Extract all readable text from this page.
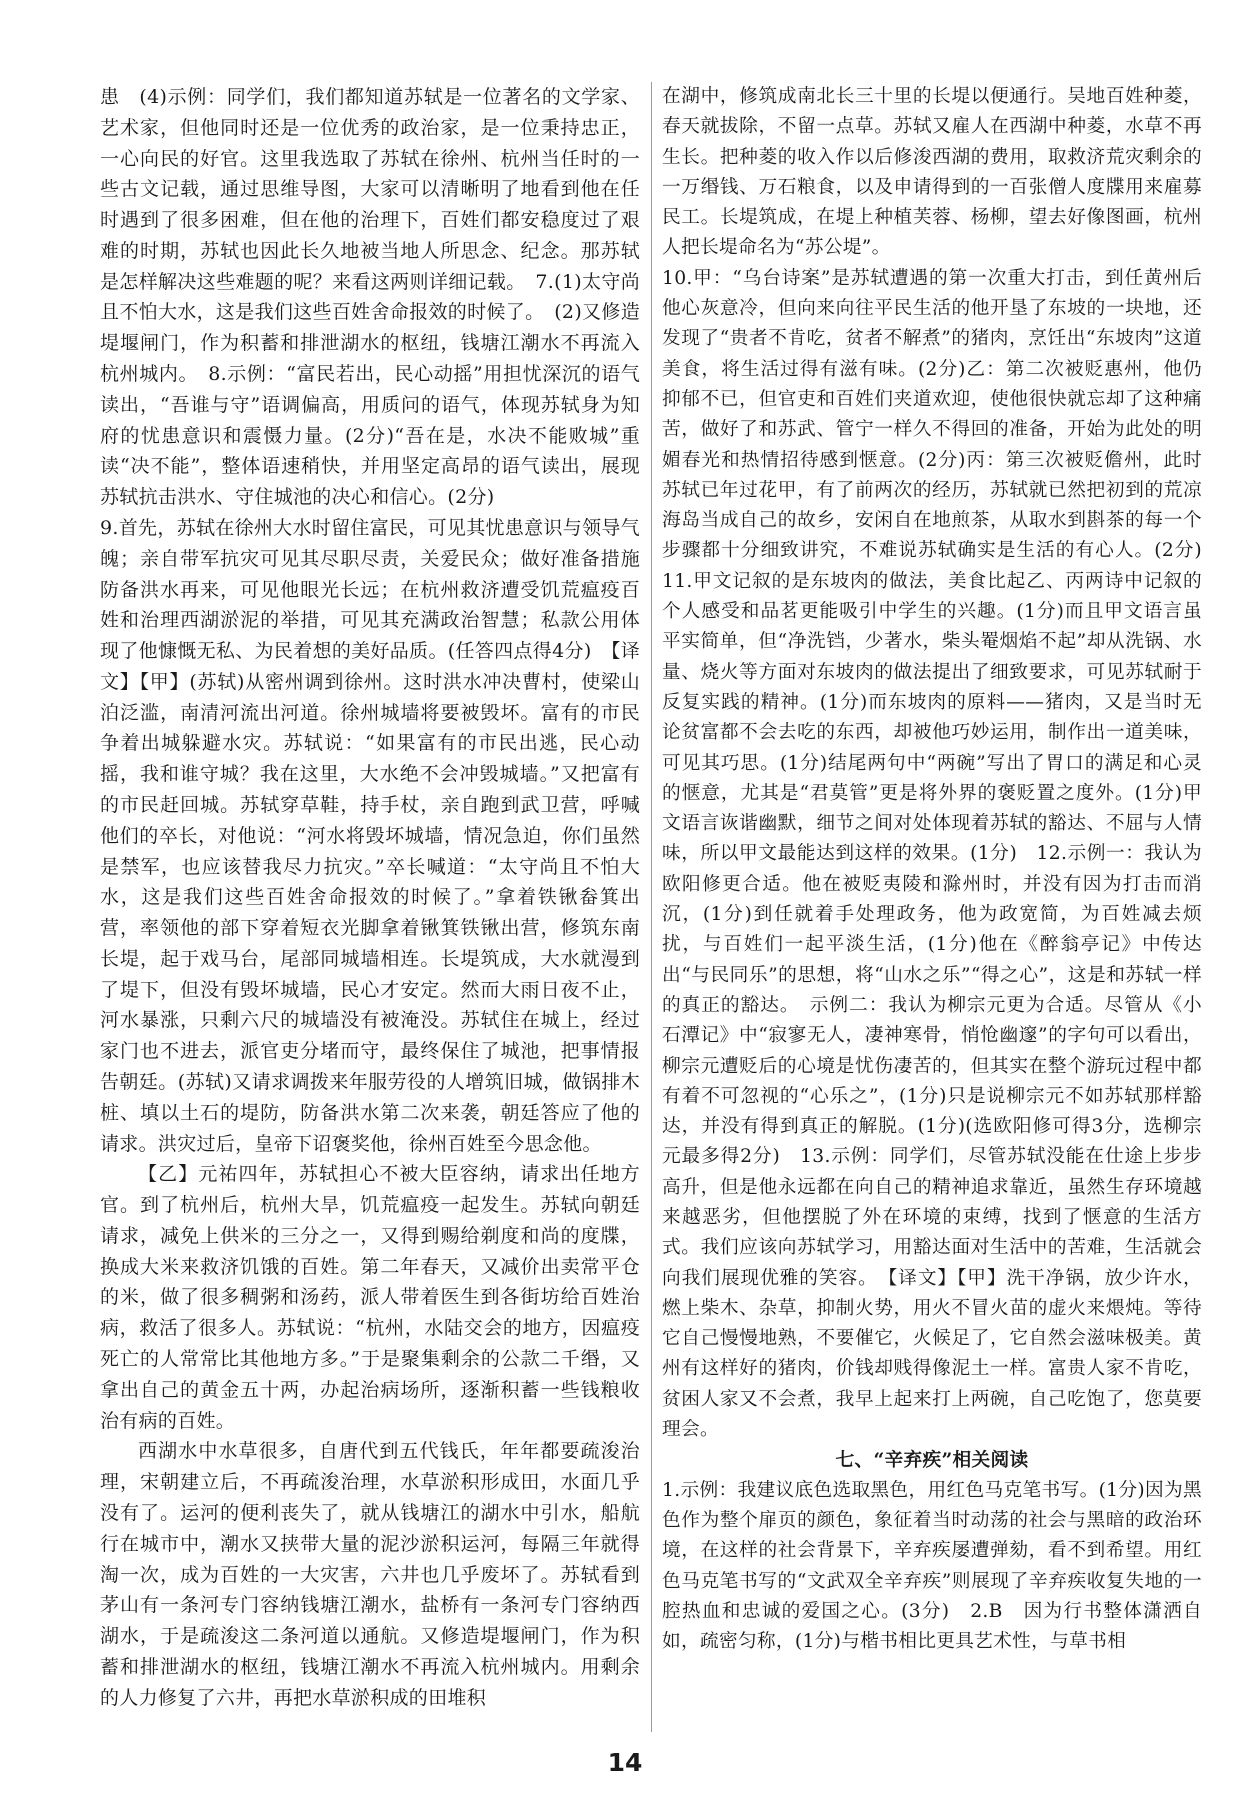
患　(4)示例：同学们，我们都知道苏轼是一位著名的文学家、艺术家，但他同时还是一位优秀的政治家，是一位秉持忠正，一心向民的好官。这里我选取了苏轼在徐州、杭州当任时的一些古文记载，通过思维导图，大家可以清晰明了地看到他在任时遇到了很多困难，但在他的治理下，百姓们都安稳度过了艰难的时期，苏轼也因此长久地被当地人所思念、纪念。那苏轼是怎样解决这些难题的呢？来看这两则详细记载。　7.(1)太守尚且不怕大水，这是我们这些百姓舍命报效的时候了。　(2)又修造堤堰闸门，作为积蓄和排泄湖水的枢纽，钱塘江潮水不再流入杭州城内。　8.示例：“富民若出，民心动摇”用担忧深沉的语气读出，“吾谁与守”语调偏高，用质问的语气，体现苏轼身为知府的忧患意识和震慑力量。(2分)“吾在是，水决不能败城”重读“决不能”，整体语速稍快，并用坚定高昂的语气读出，展现苏轼抗击洪水、守住城池的决心和信心。(2分)

9.首先，苏轼在徐州大水时留住富民，可见其忧患意识与领导气魄；亲自带军抗灾可见其尽职尽责，关爱民众；做好准备措施防备洪水再来，可见他眼光长远；在杭州救济遭受饥荒瘟疫百姓和治理西湖淤泥的举措，可见其充满政治智慧；私款公用体现了他慷慨无私、为民着想的美好品质。(任答四点得4分)　【译文】【甲】(苏轼)从密州调到徐州。这时洪水冲决曹村，使梁山泊泛滥，南清河流出河道。徐州城墙将要被毁坏。富有的市民争着出城躲避水灾。苏轼说：“如果富有的市民出逃，民心动摇，我和谁守城？我在这里，大水绝不会冲毁城墙。”又把富有的市民赶回城。苏轼穿草鞋，持手杖，亲自跑到武卫营，呼喊他们的卒长，对他说：“河水将毁坏城墙，情况急迫，你们虽然是禁军，也应该替我尽力抗灾。”卒长喊道：“太守尚且不怕大水，这是我们这些百姓舍命报效的时候了。”拿着铁锹畚箕出营，率领他的部下穿着短衣光脚拿着锹箕铁锹出营，修筑东南长堤，起于戏马台，尾部同城墙相连。长堤筑成，大水就漫到了堤下，但没有毁坏城墙，民心才安定。然而大雨日夜不止，河水暴涨，只剩六尺的城墙没有被淹没。苏轼住在城上，经过家门也不进去，派官吏分堵而守，最终保住了城池，把事情报告朝廷。(苏轼)又请求调拨来年服劳役的人增筑旧城，做锅排木桩、填以土石的堤防，防备洪水第二次来袭，朝廷答应了他的请求。洪灾过后，皇帝下诏褒奖他，徐州百姓至今思念他。

【乙】元祐四年，苏轼担心不被大臣容纳，请求出任地方官。到了杭州后，杭州大旱，饥荒瘟疫一起发生。苏轼向朝廷请求，减免上供米的三分之一，又得到赐给剃度和尚的度牒，换成大米来救济饥饿的百姓。第二年春天，又减价出卖常平仓的米，做了很多稠粥和汤药，派人带着医生到各街坊给百姓治病，救活了很多人。苏轼说：“杭州，水陆交会的地方，因瘟疫死亡的人常常比其他地方多。”于是聚集剩余的公款二千缗，又拿出自己的黄金五十两，办起治病场所，逐渐积蓄一些钱粮收治有病的百姓。

西湖水中水草很多，自唐代到五代钱氏，年年都要疏浚治理，宋朝建立后，不再疏浚治理，水草淤积形成田，水面几乎没有了。运河的便利丧失了，就从钱塘江的湖水中引水，船航行在城市中，潮水又挟带大量的泥沙淤积运河，每隔三年就得淘一次，成为百姓的一大灾害，六井也几乎废坏了。苏轼看到茅山有一条河专门容纳钱塘江潮水，盐桥有一条河专门容纳西湖水，于是疏浚这二条河道以通航。又修造堤堰闸门，作为积蓄和排泄湖水的枢纽，钱塘江潮水不再流入杭州城内。用剩余的人力修复了六井，再把水草淤积成的田堆积

在湖中，修筑成南北长三十里的长堤以便通行。吴地百姓种菱，春天就拔除，不留一点草。苏轼又雇人在西湖中种菱，水草不再生长。把种菱的收入作以后修浚西湖的费用，取救济荒灾剩余的一万缗钱、万石粮食，以及申请得到的一百张僧人度牒用来雇募民工。长堤筑成，在堤上种植芙蓉、杨柳，望去好像图画，杭州人把长堤命名为“苏公堤”。

10.甲：“乌台诗案”是苏轼遭遇的第一次重大打击，到任黄州后他心灰意冷，但向来向往平民生活的他开垦了东坡的一块地，还发现了“贵者不肯吃，贫者不解煮”的猪肉，烹饪出“东坡肉”这道美食，将生活过得有滋有味。(2分)乙：第二次被贬惠州，他仍抑郁不已，但官吏和百姓们夹道欢迎，使他很快就忘却了这种痛苦，做好了和苏武、管宁一样久不得回的准备，开始为此处的明媚春光和热情招待感到惬意。(2分)丙：第三次被贬儋州，此时苏轼已年过花甲，有了前两次的经历，苏轼就已然把初到的荒凉海岛当成自己的故乡，安闲自在地煎茶，从取水到斟茶的每一个步骤都十分细致讲究，不难说苏轼确实是生活的有心人。(2分)　11.甲文记叙的是东坡肉的做法，美食比起乙、丙两诗中记叙的个人感受和品茗更能吸引中学生的兴趣。(1分)而且甲文语言虽平实简单，但“净洗铛，少著水，柴头罨烟焰不起”却从洗锅、水量、烧火等方面对东坡肉的做法提出了细致要求，可见苏轼耐于反复实践的精神。(1分)而东坡肉的原料——猪肉，又是当时无论贫富都不会去吃的东西，却被他巧妙运用，制作出一道美味，可见其巧思。(1分)结尾两句中“两碗”写出了胃口的满足和心灵的惬意，尤其是“君莫管”更是将外界的褒贬置之度外。(1分)甲文语言诙谐幽默，细节之间对处体现着苏轼的豁达、不屈与人情味，所以甲文最能达到这样的效果。(1分)　12.示例一：我认为欧阳修更合适。他在被贬夷陵和滁州时，并没有因为打击而消沉，(1分)到任就着手处理政务，他为政宽简，为百姓减去烦扰，与百姓们一起平淡生活，(1分)他在《醉翁亭记》中传达出“与民同乐”的思想，将“山水之乐”“得之心”，这是和苏轼一样的真正的豁达。　示例二：我认为柳宗元更为合适。尽管从《小石潭记》中“寂寥无人，凄神寒骨，悄怆幽邃”的字句可以看出，柳宗元遭贬后的心境是忧伤凄苦的，但其实在整个游玩过程中都有着不可忽视的“心乐之”，(1分)只是说柳宗元不如苏轼那样豁达，并没有得到真正的解脱。(1分)(选欧阳修可得3分，选柳宗元最多得2分)　13.示例：同学们，尽管苏轼没能在仕途上步步高升，但是他永远都在向自己的精神追求靠近，虽然生存环境越来越恶劣，但他摆脱了外在环境的束缚，找到了惬意的生活方式。我们应该向苏轼学习，用豁达面对生活中的苦难，生活就会向我们展现优雅的笑容。　【译文】【甲】洗干净锅，放少许水，燃上柴木、杂草，抑制火势，用火不冒火苗的虚火来煨炖。等待它自己慢慢地熟，不要催它，火候足了，它自然会滋味极美。黄州有这样好的猪肉，价钱却贱得像泥土一样。富贵人家不肯吃，贫困人家又不会煮，我早上起来打上两碗，自己吃饱了，您莫要理会。

七、“辛弃疾”相关阅读

1.示例：我建议底色选取黑色，用红色马克笔书写。(1分)因为黑色作为整个扉页的颜色，象征着当时动荡的社会与黑暗的政治环境，在这样的社会背景下，辛弃疾屡遭弹劾，看不到希望。用红色马克笔书写的“文武双全辛弃疾”则展现了辛弃疾收复失地的一腔热血和忠诚的爱国之心。(3分)　2.B　因为行书整体潇洒自如，疏密匀称，(1分)与楷书相比更具艺术性，与草书相

14
